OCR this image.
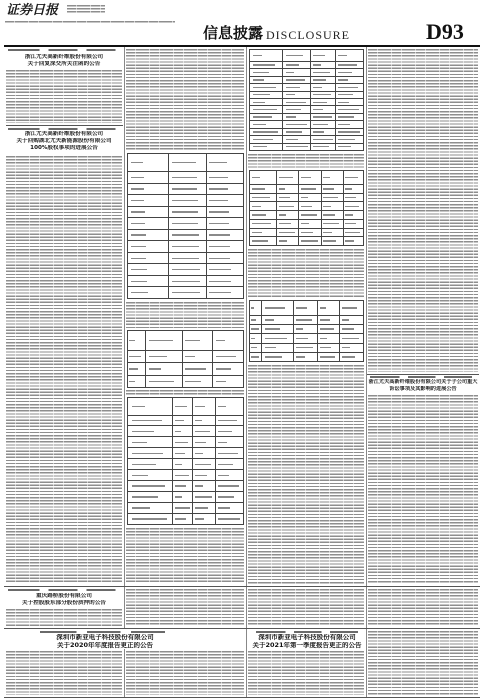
证券日报
信息披露 DISCLOSURE	D93
浙江尤夫高新纤维股份有限公司
关于回复深交所关注函的公告
浙江尤夫高新纤维股份有限公司
关于回购湖北尤夫新能源股份有限公司
100%股权事项的进展公告
浙江尤夫高新纤维股份有限公司关于子公司重大
诉讼事项及其影响的进展公告
重庆路桥股份有限公司
关于控股股东部分股份质押的公告
深圳市新亚电子科技股份有限公司
关于2020年年度报告更正的公告
深圳市新亚电子科技股份有限公司
关于2021年第一季度报告更正的公告
